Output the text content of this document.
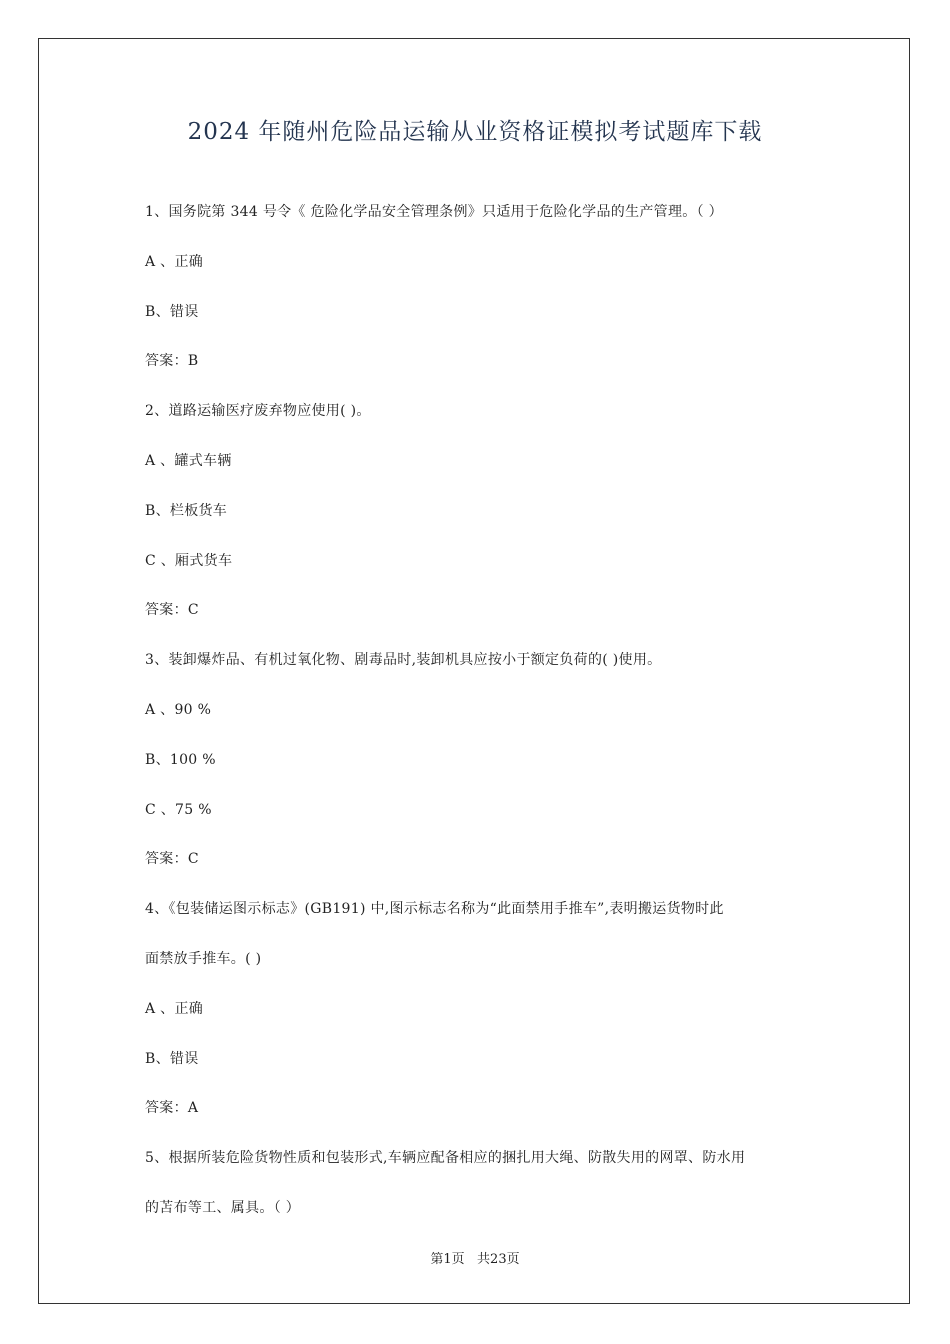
2024 年随州危险品运输从业资格证模拟考试题库下载
1、国务院第 344 号令《 危险化学品安全管理条例》只适用于危险化学品的生产管理。（ ）
A 、正确
B、错误
答案：B
2、道路运输医疗废弃物应使用( )。
A 、罐式车辆
B、栏板货车
C 、厢式货车
答案：C
3、装卸爆炸品、有机过氧化物、剧毒品时,装卸机具应按小于额定负荷的( )使用。
A 、90 %
B、100 %
C 、75 %
答案：C
4、《包装储运图示标志》(GB191) 中,图示标志名称为“此面禁用手推车”,表明搬运货物时此
面禁放手推车。( )
A 、正确
B、错误
答案：A
5、根据所装危险货物性质和包装形式,车辆应配备相应的捆扎用大绳、防散失用的网罩、防水用
的苫布等工、属具。（ ）
第1页   共23页
